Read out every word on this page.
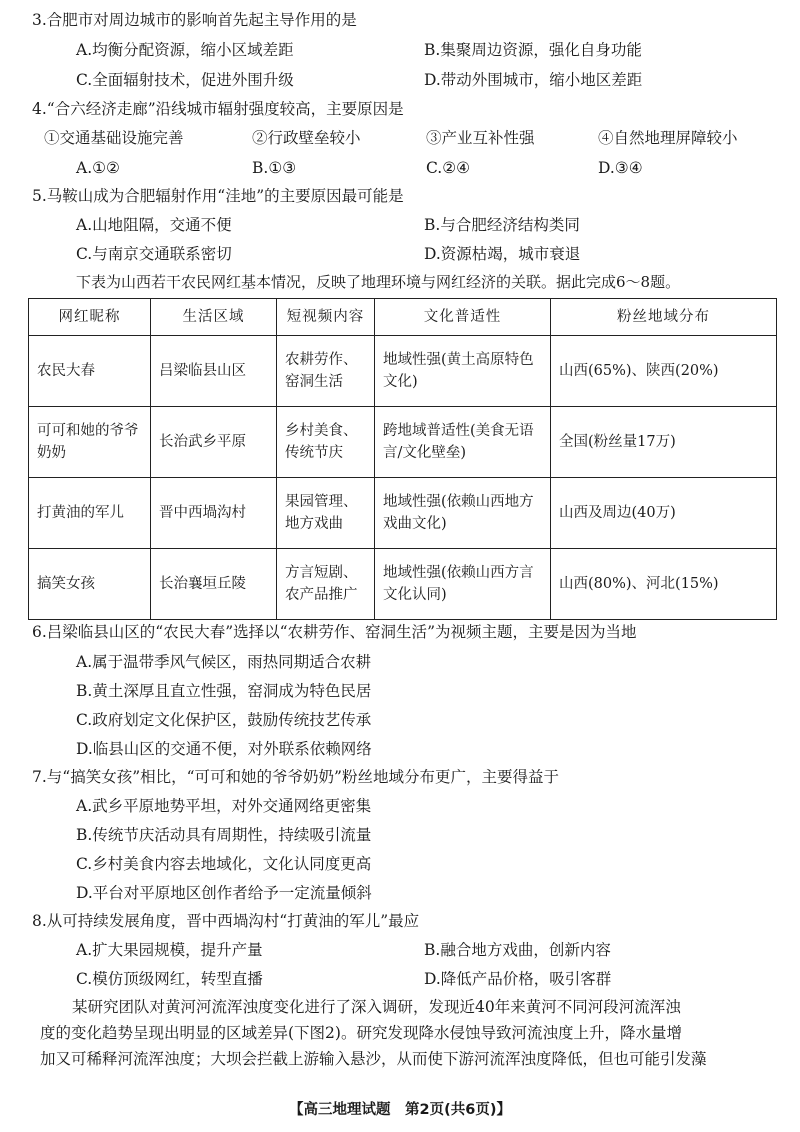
3.合肥市对周边城市的影响首先起主导作用的是
A.均衡分配资源，缩小区域差距	B.集聚周边资源，强化自身功能
C.全面辐射技术，促进外围升级	D.带动外围城市，缩小地区差距
4.“合六经济走廊”沿线城市辐射强度较高，主要原因是
①交通基础设施完善	②行政壁垒较小	③产业互补性强	④自然地理屏障较小
A.①②	B.①③	C.②④	D.③④
5.马鞍山成为合肥辐射作用“洼地”的主要原因最可能是
A.山地阻隔，交通不便	B.与合肥经济结构类同
C.与南京交通联系密切	D.资源枯竭，城市衰退
下表为山西若干农民网红基本情况，反映了地理环境与网红经济的关联。据此完成6～8题。
网红昵称	生活区域	短视频内容	文化普适性	粉丝地域分布
农民大春	吕梁临县山区	农耕劳作、窑洞生活	地域性强(黄土高原特色文化)	山西(65%)、陕西(20%)
可可和她的爷爷奶奶	长治武乡平原	乡村美食、传统节庆	跨地域普适性(美食无语言/文化壁垒)	全国(粉丝量17万)
打黄油的军儿	晋中西堝沟村	果园管理、地方戏曲	地域性强(依赖山西地方戏曲文化)	山西及周边(40万)
搞笑女孩	长治襄垣丘陵	方言短剧、农产品推广	地域性强(依赖山西方言文化认同)	山西(80%)、河北(15%)
6.吕梁临县山区的“农民大春”选择以“农耕劳作、窑洞生活”为视频主题，主要是因为当地
A.属于温带季风气候区，雨热同期适合农耕
B.黄土深厚且直立性强，窑洞成为特色民居
C.政府划定文化保护区，鼓励传统技艺传承
D.临县山区的交通不便，对外联系依赖网络
7.与“搞笑女孩”相比，“可可和她的爷爷奶奶”粉丝地域分布更广，主要得益于
A.武乡平原地势平坦，对外交通网络更密集
B.传统节庆活动具有周期性，持续吸引流量
C.乡村美食内容去地域化，文化认同度更高
D.平台对平原地区创作者给予一定流量倾斜
8.从可持续发展角度，晋中西堝沟村“打黄油的军儿”最应
A.扩大果园规模，提升产量	B.融合地方戏曲，创新内容
C.模仿顶级网红，转型直播	D.降低产品价格，吸引客群

某研究团队对黄河河流浑浊度变化进行了深入调研，发现近40年来黄河不同河段河流浑浊

度的变化趋势呈现出明显的区域差异(下图2)。研究发现降水侵蚀导致河流浊度上升，降水量增

加又可稀释河流浑浊度；大坝会拦截上游输入悬沙，从而使下游河流浑浊度降低，但也可能引发藻

【高三地理试题　第2页(共6页)】
